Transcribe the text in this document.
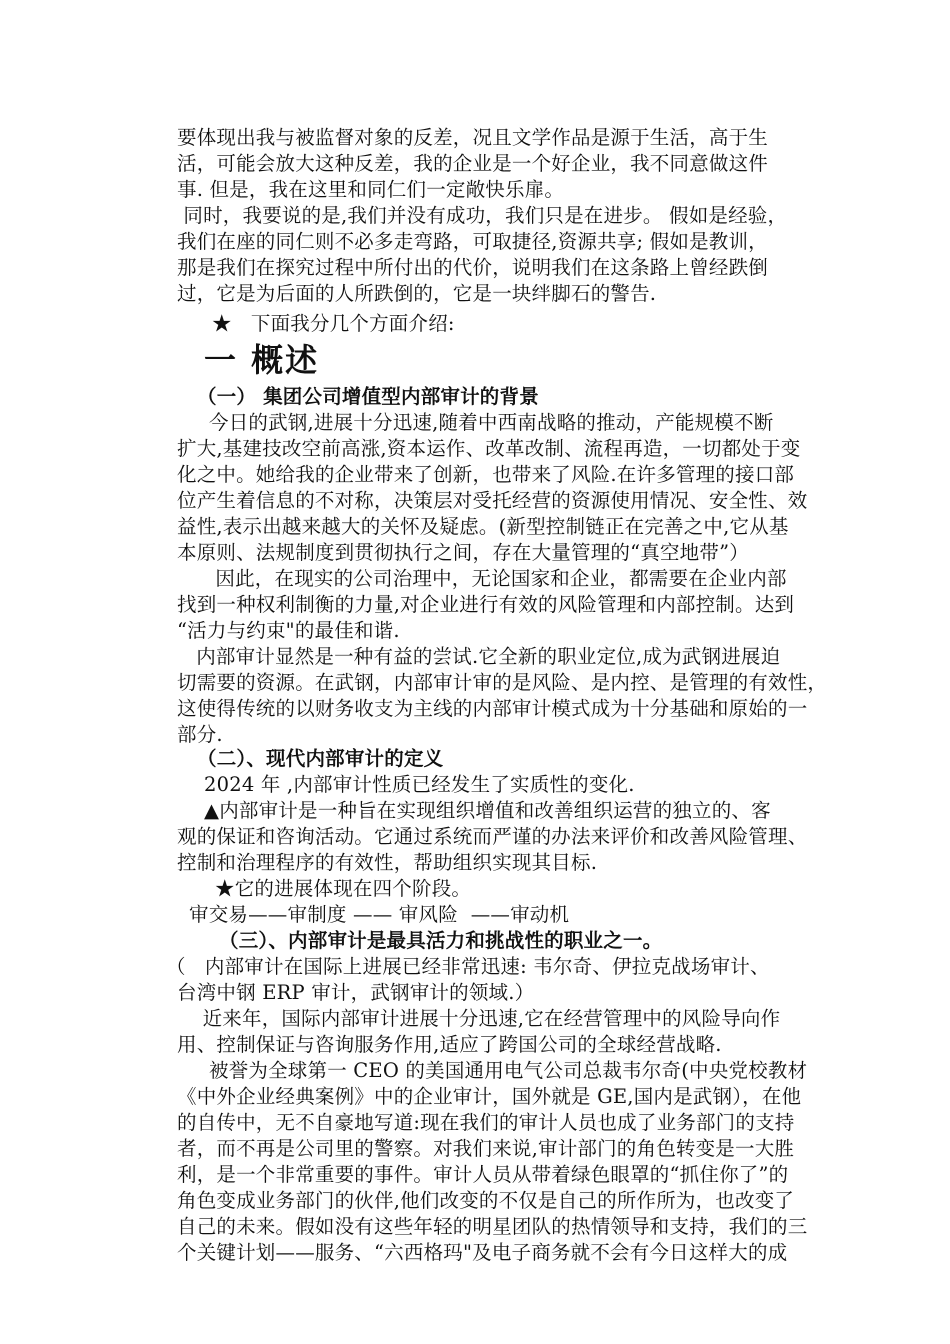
要体现出我与被监督对象的反差，况且文学作品是源于生活，高于生
活，可能会放大这种反差，我的企业是一个好企业，我不同意做这件
事. 但是，我在这里和同仁们一定敞快乐扉。
同时，我要说的是,我们并没有成功，我们只是在进步。 假如是经验，
我们在座的同仁则不必多走弯路，可取捷径,资源共享; 假如是教训，
那是我们在探究过程中所付出的代价，说明我们在这条路上曾经跌倒
过，它是为后面的人所跌倒的，它是一块绊脚石的警告.
★   下面我分几个方面介绍:
一 概述
（一） 集团公司增值型内部审计的背景
今日的武钢,进展十分迅速,随着中西南战略的推动，产能规模不断
扩大,基建技改空前高涨,资本运作、改革改制、流程再造，一切都处于变
化之中。她给我的企业带来了创新，也带来了风险.在许多管理的接口部
位产生着信息的不对称，决策层对受托经营的资源使用情况、安全性、效
益性,表示出越来越大的关怀及疑虑。(新型控制链正在完善之中,它从基
本原则、法规制度到贯彻执行之间，存在大量管理的“真空地带”）
因此，在现实的公司治理中，无论国家和企业，都需要在企业内部
找到一种权利制衡的力量,对企业进行有效的风险管理和内部控制。达到
“活力与约束"的最佳和谐.
内部审计显然是一种有益的尝试.它全新的职业定位,成为武钢进展迫
切需要的资源。在武钢，内部审计审的是风险、是内控、是管理的有效性，
这使得传统的以财务收支为主线的内部审计模式成为十分基础和原始的一
部分.
（二）、现代内部审计的定义
2024 年 ,内部审计性质已经发生了实质性的变化.
▲内部审计是一种旨在实现组织增值和改善组织运营的独立的、客
观的保证和咨询活动。它通过系统而严谨的办法来评价和改善风险管理、
控制和治理程序的有效性，帮助组织实现其目标.
★它的进展体现在四个阶段。
审交易——审制度 —— 审风险  ——审动机
（三）、内部审计是最具活力和挑战性的职业之一。
（   内部审计在国际上进展已经非常迅速: 韦尔奇、伊拉克战场审计、
台湾中钢 ERP 审计，武钢审计的领域.）
近来年，国际内部审计进展十分迅速,它在经营管理中的风险导向作
用、控制保证与咨询服务作用,适应了跨国公司的全球经营战略.
被誉为全球第一 CEO 的美国通用电气公司总裁韦尔奇(中央党校教材
《中外企业经典案例》中的企业审计，国外就是 GE,国内是武钢），在他
的自传中，无不自豪地写道:现在我们的审计人员也成了业务部门的支持
者，而不再是公司里的警察。对我们来说,审计部门的角色转变是一大胜
利，是一个非常重要的事件。审计人员从带着绿色眼罩的“抓住你了”的
角色变成业务部门的伙伴,他们改变的不仅是自己的所作所为，也改变了
自己的未来。假如没有这些年轻的明星团队的热情领导和支持，我们的三
个关键计划——服务、“六西格玛"及电子商务就不会有今日这样大的成
